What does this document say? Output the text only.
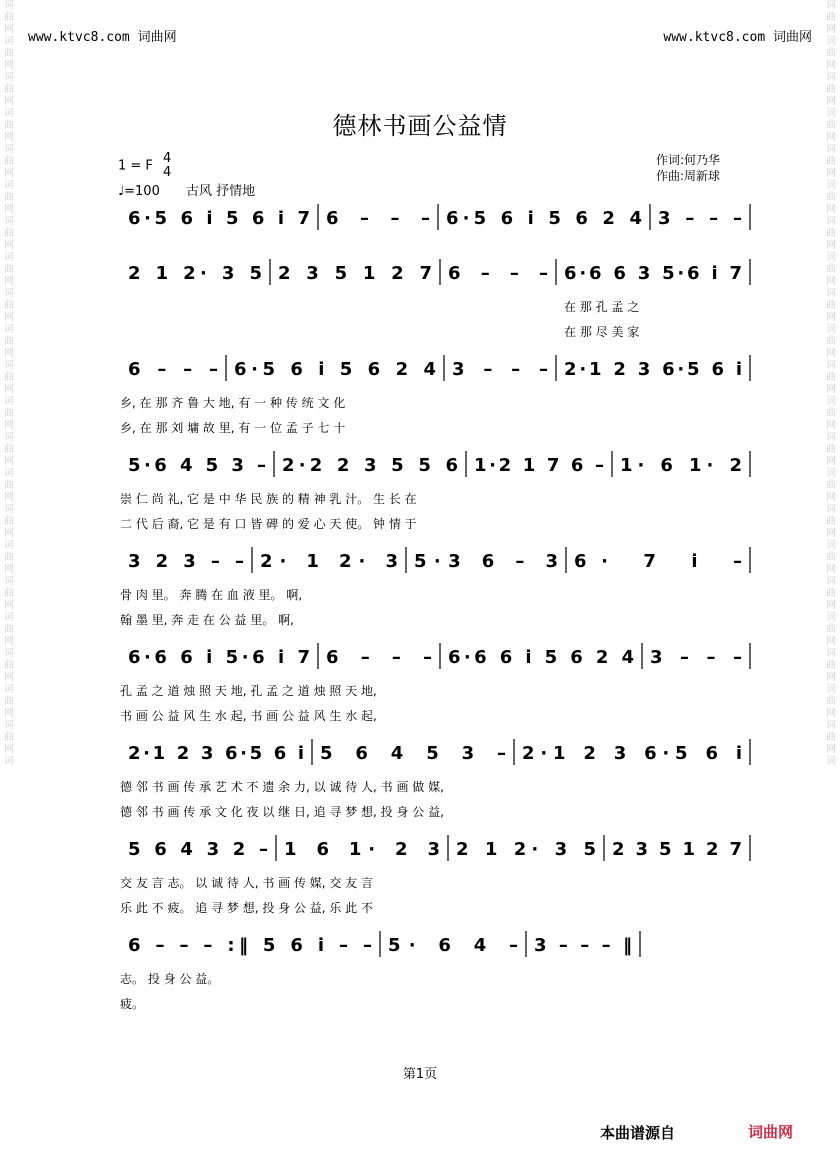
词
曲
网
词
曲
网
词
曲
网
词
曲
网
词
曲
网
词
曲
网
词
曲
网
词
曲
网
词
曲
网
词
曲
网
词
曲
网
词
曲
网
词
曲
网
词
曲
网
词
曲
网
词
曲
网
词
曲
网
词
曲
网
词
曲
网
词
曲
网
词
曲
网
词
词
曲
网
词
曲
网
词
曲
网
词
曲
网
词
曲
网
词
曲
网
词
曲
网
词
曲
网
词
曲
网
词
曲
网
词
曲
网
词
曲
网
词
曲
网
词
曲
网
词
曲
网
词
曲
网
词
曲
网
词
曲
网
词
曲
网
词
曲
网
词
曲
网
词
www.ktvc8.com 词曲网	www.ktvc8.com 词曲网
德林书画公益情
1 = F 4
4
♩=100 古风 抒情地
作词:何乃华
作曲:周新球
6·5 6 i 5 6 i 7 6 – – – 6·5 6 i 5 6 2 4 3 – – –
2 1 2· 3 5 2 3 5 1 2 7 6 – – – 6·6 6 3 5·6 i 7
在 那 孔 孟 之
在 那 尽 美 家
6 – – – 6·5 6 i 5 6 2 4 3 – – – 2·1 2 3 6·5 6 i
乡, 在 那 齐 鲁 大 地, 有 一 种 传 统 文 化
乡, 在 那 刘 墉 故 里, 有 一 位 孟 子 七 十
5·6 4 5 3 – 2·2 2 3 5 5 6 1·2 1 7 6 – 1· 6 1· 2
崇 仁 尚 礼, 它 是 中 华 民 族 的 精 神 乳 汁。 生 长 在
二 代 后 裔, 它 是 有 口 皆 碑 的 爱 心 天 使。 钟 情 于
3 2 3 – – 2· 1 2· 3 5·3 6 – 3 6· 7 i –
骨 肉 里。 奔 腾 在 血 液 里。 啊,
翰 墨 里, 奔 走 在 公 益 里。 啊,
6·6 6 i 5·6 i 7 6 – – – 6·6 6 i 5 6 2 4 3 – – –
孔 孟 之 道 烛 照 天 地, 孔 孟 之 道 烛 照 天 地,
书 画 公 益 风 生 水 起, 书 画 公 益 风 生 水 起,
2·1 2 3 6·5 6 i 5 6 4 5 3 – 2·1 2 3 6·5 6 i
德 邻 书 画 传 承 艺 术 不 遗 余 力, 以 诚 待 人, 书 画 做 媒,
德 邻 书 画 传 承 文 化 夜 以 继 日, 追 寻 梦 想, 投 身 公 益,
5 6 4 3 2 – 1 6 1· 2 3 2 1 2· 3 5 2 3 5 1 2 7
交 友 言 志。 以 诚 待 人, 书 画 传 媒, 交 友 言
乐 此 不 疲。 追 寻 梦 想, 投 身 公 益, 乐 此 不
6 – – – :‖ 5 6 i – – 5· 6 4 – 3 – – – ‖
志。 投 身 公 益。
疲。
第1页
本曲谱源自	词曲网
